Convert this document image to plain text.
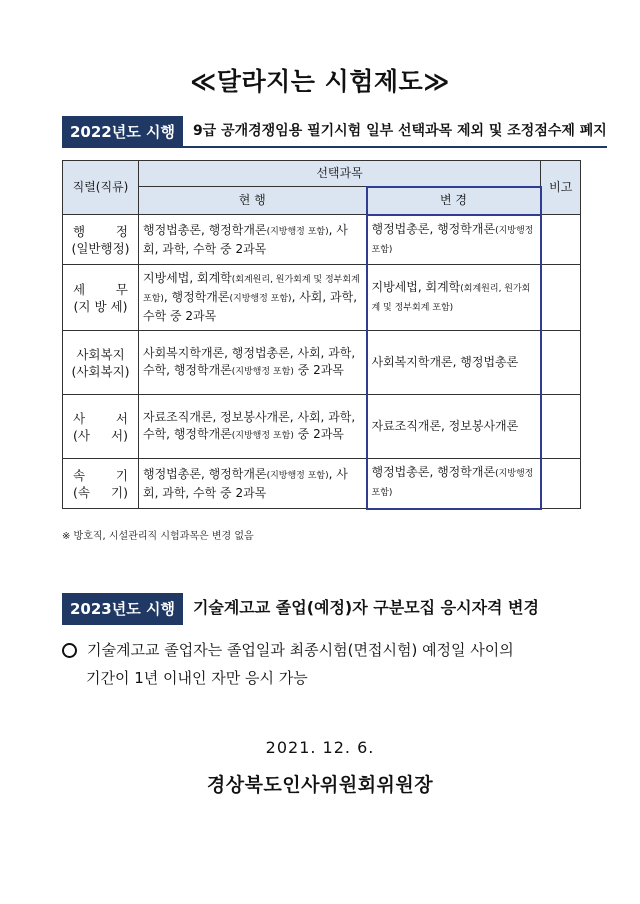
≪달라지는 시험제도≫
2022년도 시행	9급 공개경쟁임용 필기시험 일부 선택과목 제외 및 조정점수제 폐지
직렬(직류)	선택과목		비고
	현 행	변 경	

행 정
(일반행정)	행정법총론, 행정학개론(지방행정 포함), 사회, 과학, 수학 중 2과목	행정법총론, 행정학개론(지방행정 포함)	

세 무
(지 방 세)	지방세법, 회계학(회계원리, 원가회계 및 정부회계 포함), 행정학개론(지방행정 포함), 사회, 과학, 수학 중 2과목	지방세법, 회계학(회계원리, 원가회계 및 정부회계 포함)	

사회복지
(사회복지)	사회복지학개론, 행정법총론, 사회, 과학, 수학, 행정학개론(지방행정 포함) 중 2과목	사회복지학개론, 행정법총론	

사 서
(사 서)	자료조직개론, 정보봉사개론, 사회, 과학, 수학, 행정학개론(지방행정 포함) 중 2과목	자료조직개론, 정보봉사개론	

속 기
(속 기)	행정법총론, 행정학개론(지방행정 포함), 사회, 과학, 수학 중 2과목	행정법총론, 행정학개론(지방행정 포함)	
※ 방호직, 시설관리직 시험과목은 변경 없음
2023년도 시행	기술계고교 졸업(예정)자 구분모집 응시자격 변경
기술계고교 졸업자는 졸업일과 최종시험(면접시험) 예정일 사이의
기간이 1년 이내인 자만 응시 가능
2021. 12. 6.
경상북도인사위원회위원장
